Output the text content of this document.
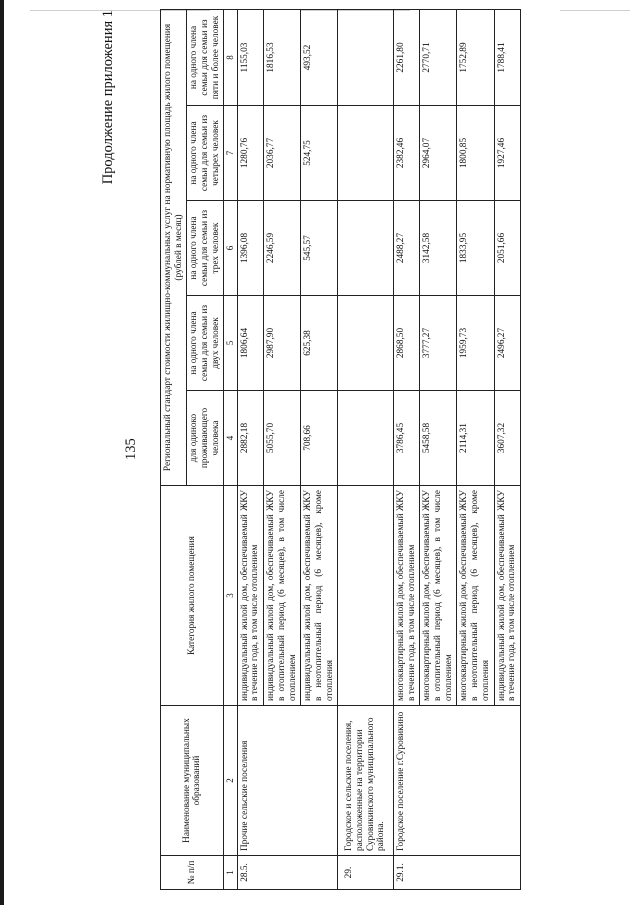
Продолжение приложения 1
135
№ п/п	Наименование муниципальных образований	Категория жилого помещения	Региональный стандарт стоимости жилищно-коммунальных услуг на нормативную площадь жилого помещения (рублей в месяц)				
			для одиноко проживающего человека	на одного члена семьи для семьи из двух человек	на одного члена семьи для семьи из трех человек	на одного члена семьи для семьи из четырех человек	на одного члена семьи для семьи из пяти и более человек
1	2	3	4	5	6	7	8
28.5.	Прочие сельские поселения	индивидуальный жилой дом, обеспечиваемый ЖКУ в течение года, в том числе отоплением	2882,18	1806,64	1396,08	1280,76	1155,03
		индивидуальный жилой дом, обеспечиваемый ЖКУ в отопительный период (6 месяцев), в том числе отоплением	5055,70	2987,90	2246,59	2036,77	1816,53
		индивидуальный жилой дом, обеспечиваемый ЖКУ в неотопительный период (6 месяцев), кроме отопления	708,66	625,38	545,57	524,75	493,52
29.	Городское и сельские поселения, расположенные на территории Суровикинского муниципального района.						
29.1.	Городское поселение г.Суровикино	многоквартирный жилой дом, обеспечиваемый ЖКУ в течение года, в том числе отоплением	3786,45	2868,50	2488,27	2382,46	2261,80
		многоквартирный жилой дом, обеспечиваемый ЖКУ в отопительный период (6 месяцев), в том числе отоплением	5458,58	3777,27	3142,58	2964,07	2770,71
		многоквартирный жилой дом, обеспечиваемый ЖКУ в неотопительный период (6 месяцев), кроме отопления	2114,31	1959,73	1833,95	1800,85	1752,89
		индивидуальный жилой дом, обеспечиваемый ЖКУ в течение года, в том числе отоплением	3607,32	2496,27	2051,66	1927,46	1788,41
